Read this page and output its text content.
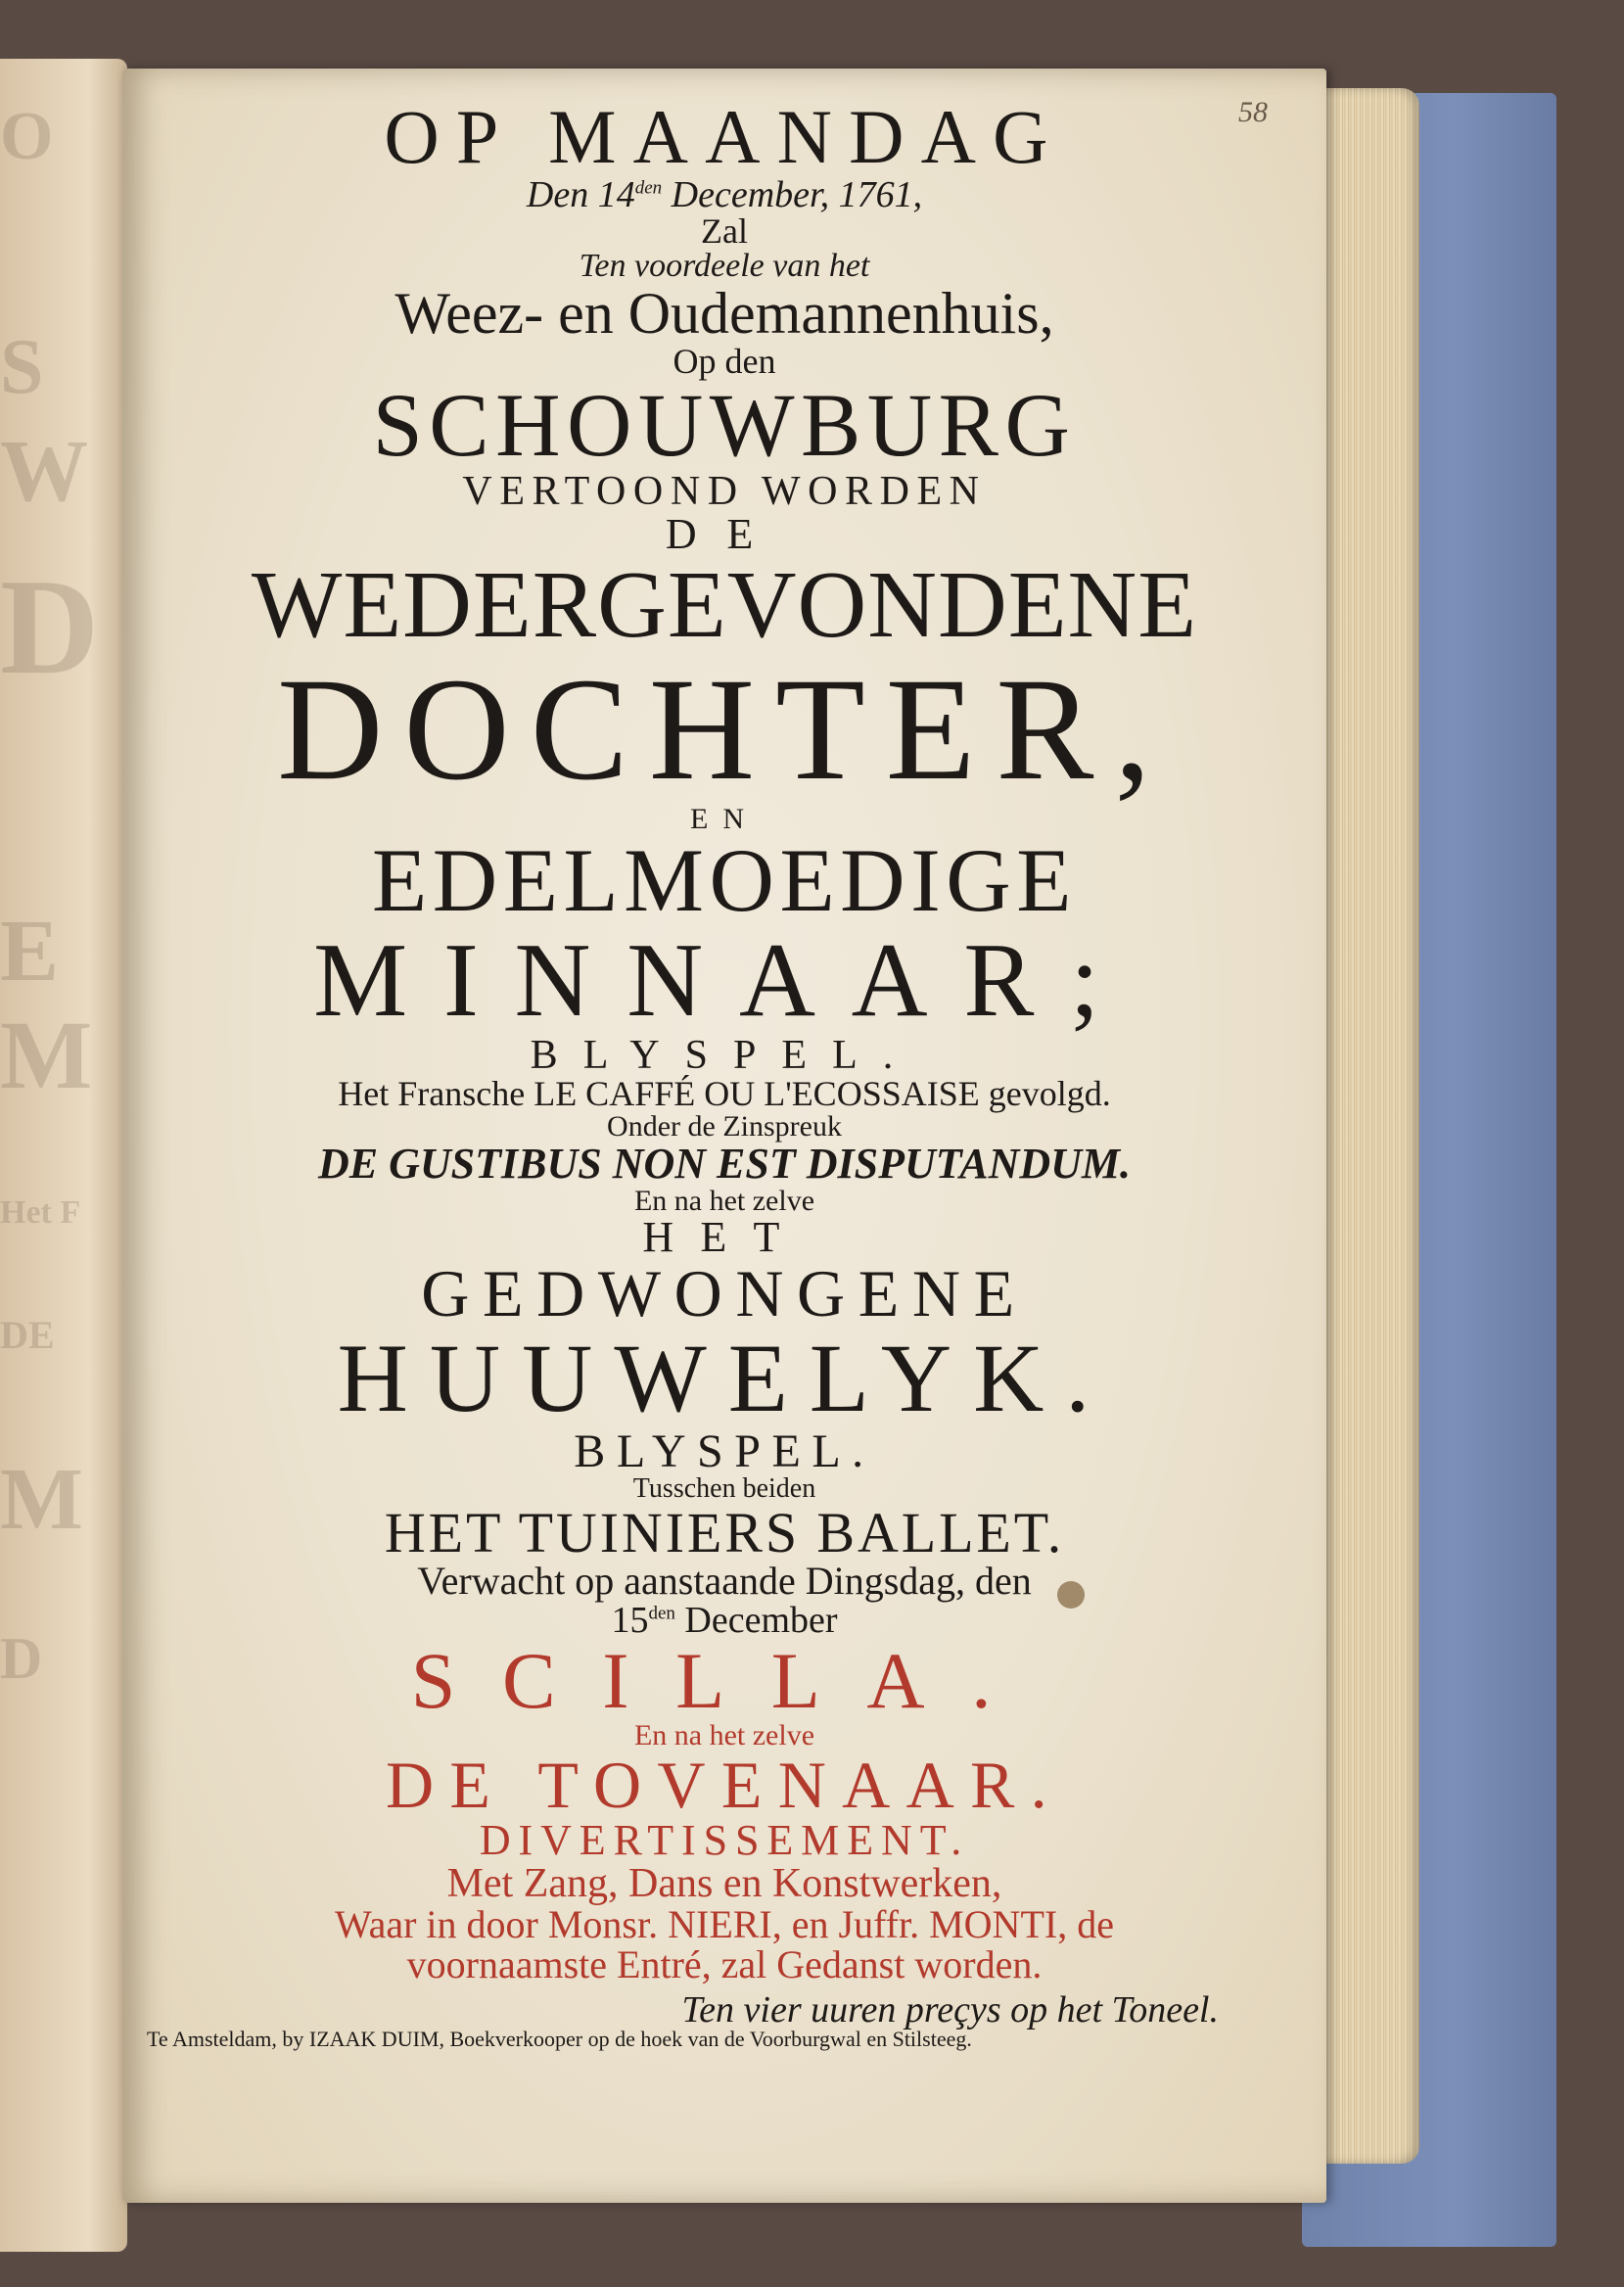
O
S
W
D
E
M
Het F
DE
M
D
58
OP MAANDAG
Den $14^{den}$ December, 1761,
Zal
Ten voordeele van het
Weez- en Oudemannenhuis,
Op den
SCHOUWBURG
VERTOOND WORDEN
DE
WEDERGEVONDENE
DOCHTER,
EN
EDELMOEDIGE
MINNAAR;
BLYSPEL.
Het Fransche LE CAFFÉ OU L'ECOSSAISE gevolgd.
Onder de Zinspreuk
DE GUSTIBUS NON EST DISPUTANDUM.
En na het zelve
HET
GEDWONGENE
HUUWELYK.
BLYSPEL.
Tusschen beiden
HET TUINIERS BALLET.
Verwacht op aanstaande Dingsdag, den
$15^{den}$ December
SCILLA.
En na het zelve
DE TOVENAAR.
DIVERTISSEMENT.
Met Zang, Dans en Konstwerken,
Waar in door Monsr. NIERI, en Juffr. MONTI, de
voornaamste Entré, zal Gedanst worden.
Ten vier uuren preçys op het Toneel.
Te Amsteldam, by IZAAK DUIM, Boekverkooper op de hoek van de Voorburgwal en Stilsteeg.
